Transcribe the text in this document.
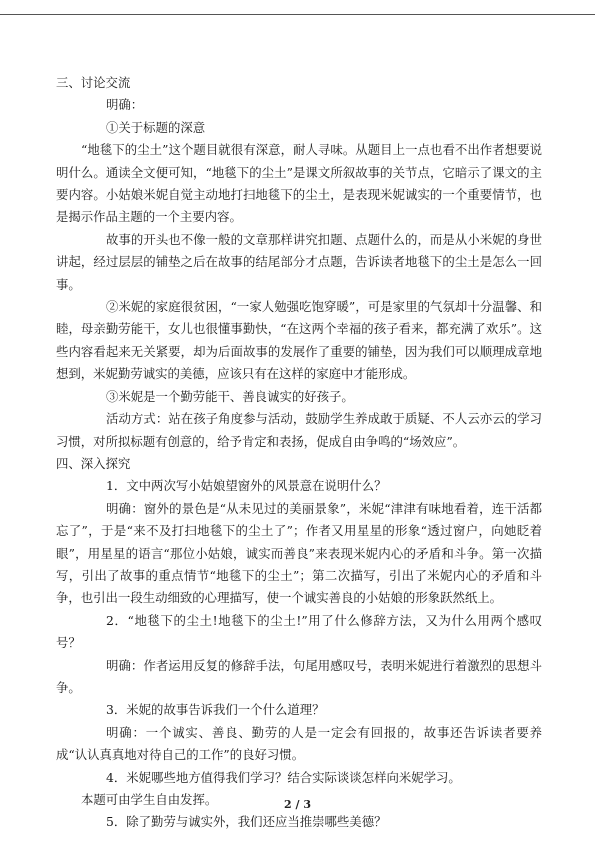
三、讨论交流

明确：

①关于标题的深意

“地毯下的尘土”这个题目就很有深意，耐人寻味。从题目上一点也看不出作者想要说明什么。通读全文便可知，“地毯下的尘土”是课文所叙故事的关节点，它暗示了课文的主要内容。小姑娘米妮自觉主动地打扫地毯下的尘土，是表现米妮诚实的一个重要情节，也是揭示作品主题的一个主要内容。

故事的开头也不像一般的文章那样讲究扣题、点题什么的，而是从小米妮的身世讲起，经过层层的铺垫之后在故事的结尾部分才点题，告诉读者地毯下的尘土是怎么一回事。

②米妮的家庭很贫困，“一家人勉强吃饱穿暖”，可是家里的气氛却十分温馨、和睦，母亲勤劳能干，女儿也很懂事勤快，“在这两个幸福的孩子看来，都充满了欢乐”。这些内容看起来无关紧要，却为后面故事的发展作了重要的铺垫，因为我们可以顺理成章地想到，米妮勤劳诚实的美德，应该只有在这样的家庭中才能形成。

③米妮是一个勤劳能干、善良诚实的好孩子。

活动方式：站在孩子角度参与活动，鼓励学生养成敢于质疑、不人云亦云的学习习惯，对所拟标题有创意的，给予肯定和表扬，促成自由争鸣的“场效应”。

四、深入探究

1．文中两次写小姑娘望窗外的风景意在说明什么？

明确：窗外的景色是“从未见过的美丽景象”，米妮“津津有味地看着，连干活都忘了”，于是“来不及打扫地毯下的尘土了”；作者又用星星的形象“透过窗户，向她眨着眼”，用星星的语言“那位小姑娘，诚实而善良”来表现米妮内心的矛盾和斗争。第一次描写，引出了故事的重点情节“地毯下的尘土”；第二次描写，引出了米妮内心的矛盾和斗争，也引出一段生动细致的心理描写，使一个诚实善良的小姑娘的形象跃然纸上。

2．“地毯下的尘土!地毯下的尘土!”用了什么修辞方法，又为什么用两个感叹号？

明确：作者运用反复的修辞手法，句尾用感叹号，表明米妮进行着激烈的思想斗争。

3．米妮的故事告诉我们一个什么道理？

明确：一个诚实、善良、勤劳的人是一定会有回报的，故事还告诉读者要养成“认认真真地对待自己的工作”的良好习惯。

4．米妮哪些地方值得我们学习？结合实际谈谈怎样向米妮学习。

本题可由学生自由发挥。

5．除了勤劳与诚实外，我们还应当推崇哪些美德？

2 / 3
